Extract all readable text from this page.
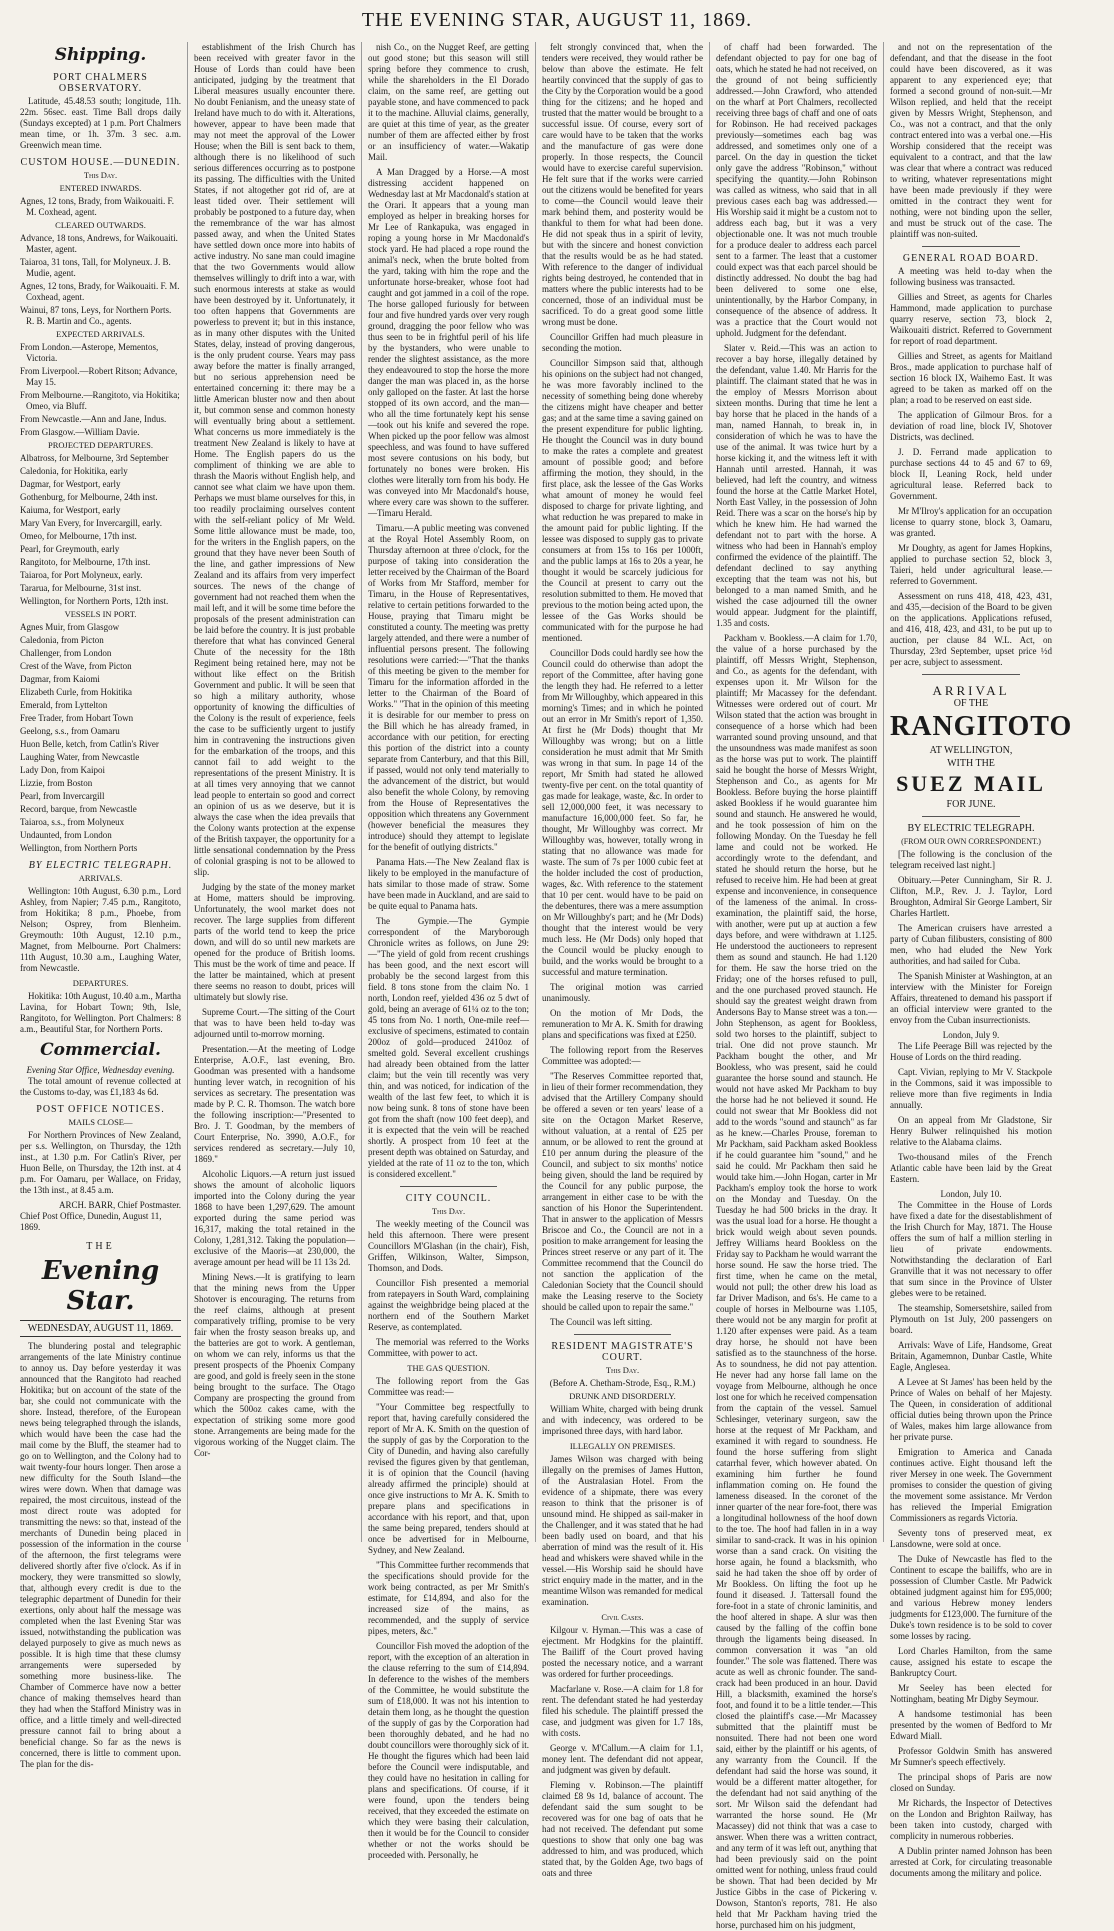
THE EVENING STAR, AUGUST 11, 1869.
Shipping.
PORT CHALMERS OBSERVATORY.

Latitude, 45.48.53 south; longitude, 11h. 22m. 56sec. east. Time Ball drops daily (Sundays excepted) at 1 p.m. Port Chalmers mean time, or 1h. 37m. 3 sec. a.m. Greenwich mean time.

CUSTOM HOUSE.—DUNEDIN.
This Day.
ENTERED INWARDS.
Agnes, 12 tons, Brady, from Waikouaiti. F. M. Coxhead, agent.
CLEARED OUTWARDS.
Advance, 18 tons, Andrews, for Waikouaiti. Master, agent.
Taiaroa, 31 tons, Tall, for Molyneux. J. B. Mudie, agent.
Agnes, 12 tons, Brady, for Waikouaiti. F. M. Coxhead, agent.
Wainui, 87 tons, Leys, for Northern Ports. R. B. Martin and Co., agents.
EXPECTED ARRIVALS.
From London.—Asterope, Mementos, Victoria.
From Liverpool.—Robert Ritson; Advance, May 15.
From Melbourne.—Rangitoto, via Hokitika; Omeo, via Bluff.
From Newcastle.—Ann and Jane, Indus.
From Glasgow.—William Davie.
PROJECTED DEPARTURES.
Albatross, for Melbourne, 3rd September
Caledonia, for Hokitika, early
Dagmar, for Westport, early
Gothenburg, for Melbourne, 24th inst.
Kaiuma, for Westport, early
Mary Van Every, for Invercargill, early.
Omeo, for Melbourne, 17th inst.
Pearl, for Greymouth, early
Rangitoto, for Melbourne, 17th inst.
Taiaroa, for Port Molyneux, early.
Tararua, for Melbourne, 31st inst.
Wellington, for Northern Ports, 12th inst.
VESSELS IN PORT.
Agnes Muir, from Glasgow
Caledonia, from Picton
Challenger, from London
Crest of the Wave, from Picton
Dagmar, from Kaiomi
Elizabeth Curle, from Hokitika
Emerald, from Lyttelton
Free Trader, from Hobart Town
Geelong, s.s., from Oamaru
Huon Belle, ketch, from Catlin's River
Laughing Water, from Newcastle
Lady Don, from Kaipoi
Lizzie, from Boston
Pearl, from Invercargill
Record, barque, from Newcastle
Taiaroa, s.s., from Molyneux
Undaunted, from London
Wellington, from Northern Ports
BY ELECTRIC TELEGRAPH.
ARRIVALS.

Wellington: 10th August, 6.30 p.m., Lord Ashley, from Napier; 7.45 p.m., Rangitoto, from Hokitika; 8 p.m., Phoebe, from Nelson; Osprey, from Blenheim. Greymouth: 10th August, 12.10 p.m., Magnet, from Melbourne. Port Chalmers: 11th August, 10.30 a.m., Laughing Water, from Newcastle.

DEPARTURES.

Hokitika: 10th August, 10.40 a.m., Martha Lavina, for Hobart Town; 9th, Isle, Rangitoto, for Wellington. Port Chalmers: 8 a.m., Beautiful Star, for Northern Ports.

Commercial.
Evening Star Office, Wednesday evening.

The total amount of revenue collected at the Customs to-day, was £1,183 4s 6d.

POST OFFICE NOTICES.
MAILS CLOSE—

For Northern Provinces of New Zealand, per s.s. Wellington, on Thursday, the 12th inst., at 1.30 p.m. For Catlin's River, per Huon Belle, on Thursday, the 12th inst. at 4 p.m. For Oamaru, per Wallace, on Friday, the 13th inst., at 8.45 a.m.

ARCH. BARR, Chief Postmaster.
Chief Post Office, Dunedin, August 11, 1869.
THE
Evening Star.
WEDNESDAY, AUGUST 11, 1869.

The blundering postal and telegraphic arrangements of the late Ministry continue to annoy us. Day before yesterday it was announced that the Rangitoto had reached Hokitika; but on account of the state of the bar, she could not communicate with the shore. Instead, therefore, of the European news being telegraphed through the islands, which would have been the case had the mail come by the Bluff, the steamer had to go on to Wellington, and the Colony had to wait twenty-four hours longer. Then arose a new difficulty for the South Island—the wires were down. When that damage was repaired, the most circuitous, instead of the most direct route was adopted for transmitting the news: so that, instead of the merchants of Dunedin being placed in possession of the information in the course of the afternoon, the first telegrams were delivered shortly after five o'clock. As if in mockery, they were transmitted so slowly, that, although every credit is due to the telegraphic department of Dunedin for their exertions, only about half the message was completed when the last Evening Star was issued, notwithstanding the publication was delayed purposely to give as much news as possible. It is high time that these clumsy arrangements were superseded by something more business-like. The Chamber of Commerce have now a better chance of making themselves heard than they had when the Stafford Ministry was in office, and a little timely and well-directed pressure cannot fail to bring about a beneficial change. So far as the news is concerned, there is little to comment upon. The plan for the dis-

establishment of the Irish Church has been received with greater favor in the House of Lords than could have been anticipated, judging by the treatment that Liberal measures usually encounter there. No doubt Fenianism, and the uneasy state of Ireland have much to do with it. Alterations, however, appear to have been made that may not meet the approval of the Lower House; when the Bill is sent back to them, although there is no likelihood of such serious differences occurring as to postpone its passing. The difficulties with the United States, if not altogether got rid of, are at least tided over. Their settlement will probably be postponed to a future day, when the remembrance of the war has almost passed away, and when the United States have settled down once more into habits of active industry. No sane man could imagine that the two Governments would allow themselves willingly to drift into a war, with such enormous interests at stake as would have been destroyed by it. Unfortunately, it too often happens that Governments are powerless to prevent it; but in this instance, as in many other disputes with the United States, delay, instead of proving dangerous, is the only prudent course. Years may pass away before the matter is finally arranged, but no serious apprehension need be entertained concerning it: there may be a little American bluster now and then about it, but common sense and common honesty will eventually bring about a settlement. What concerns us more immediately is the treatment New Zealand is likely to have at Home. The English papers do us the compliment of thinking we are able to thrash the Maoris without English help, and cannot see what claim we have upon them. Perhaps we must blame ourselves for this, in too readily proclaiming ourselves content with the self-reliant policy of Mr Weld. Some little allowance must be made, too, for the writers in the English papers, on the ground that they have never been South of the line, and gather impressions of New Zealand and its affairs from very imperfect sources. The news of the change of government had not reached them when the mail left, and it will be some time before the proposals of the present administration can be laid before the country. It is just probable therefore that what has convinced General Chute of the necessity for the 18th Regiment being retained here, may not be without like effect on the British Government and public. It will be seen that so high a military authority, whose opportunity of knowing the difficulties of the Colony is the result of experience, feels the case to be sufficiently urgent to justify him in contravening the instructions given for the embarkation of the troops, and this cannot fail to add weight to the representations of the present Ministry. It is at all times very annoying that we cannot lead people to entertain so good and correct an opinion of us as we deserve, but it is always the case when the idea prevails that the Colony wants protection at the expense of the British taxpayer, the opportunity for a little sensational condemnation by the Press of colonial grasping is not to be allowed to slip.

Judging by the state of the money market at Home, matters should be improving. Unfortunately, the wool market does not recover. The large supplies from different parts of the world tend to keep the price down, and will do so until new markets are opened for the produce of British looms. This must be the work of time and peace. If the latter be maintained, which at present there seems no reason to doubt, prices will ultimately but slowly rise.

Supreme Court.—The sitting of the Court that was to have been held to-day was adjourned until to-morrow morning.

Presentation.—At the meeting of Lodge Enterprise, A.O.F., last evening, Bro. Goodman was presented with a handsome hunting lever watch, in recognition of his services as secretary. The presentation was made by P. C. R. Thomson. The watch bore the following inscription:—"Presented to Bro. J. T. Goodman, by the members of Court Enterprise, No. 3990, A.O.F., for services rendered as secretary.—July 10, 1869."

Alcoholic Liquors.—A return just issued shows the amount of alcoholic liquors imported into the Colony during the year 1868 to have been 1,297,629. The amount exported during the same period was 16,317, making the total retained in the Colony, 1,281,312. Taking the population—exclusive of the Maoris—at 230,000, the average amount per head will be 11 13s 2d.

Mining News.—It is gratifying to learn that the mining news from the Upper Shotover is encouraging. The returns from the reef claims, although at present comparatively trifling, promise to be very fair when the frosty season breaks up, and the batteries are got to work. A gentleman, on whom we can rely, informs us that the present prospects of the Phoenix Company are good, and gold is freely seen in the stone being brought to the surface. The Otago Company are prospecting the ground from which the 500oz cakes came, with the expectation of striking some more good stone. Arrangements are being made for the vigorous working of the Nugget claim. The Cor-

nish Co., on the Nugget Reef, are getting out good stone; but this season will still spring before they commence to crush, while the shareholders in the El Dorado claim, on the same reef, are getting out payable stone, and have commenced to pack it to the machine. Alluvial claims, generally, are quiet at this time of year, as the greater number of them are affected either by frost or an insufficiency of water.—Wakatip Mail.

A Man Dragged by a Horse.—A most distressing accident happened on Wednesday last at Mr Macdonald's station at the Orari. It appears that a young man employed as helper in breaking horses for Mr Lee of Rankapuka, was engaged in roping a young horse in Mr Macdonald's stock yard. He had placed a rope round the animal's neck, when the brute bolted from the yard, taking with him the rope and the unfortunate horse-breaker, whose foot had caught and got jammed in a coil of the rope. The horse galloped furiously for between four and five hundred yards over very rough ground, dragging the poor fellow who was thus seen to be in frightful peril of his life by the bystanders, who were unable to render the slightest assistance, as the more they endeavoured to stop the horse the more danger the man was placed in, as the horse only galloped on the faster. At last the horse stopped of its own accord, and the man—who all the time fortunately kept his sense—took out his knife and severed the rope. When picked up the poor fellow was almost speechless, and was found to have suffered most severe contusions on his body, but fortunately no bones were broken. His clothes were literally torn from his body. He was conveyed into Mr Macdonald's house, where every care was shown to the sufferer.—Timaru Herald.

Timaru.—A public meeting was convened at the Royal Hotel Assembly Room, on Thursday afternoon at three o'clock, for the purpose of taking into consideration the letter received by the Chairman of the Board of Works from Mr Stafford, member for Timaru, in the House of Representatives, relative to certain petitions forwarded to the House, praying that Timaru might be constituted a county. The meeting was pretty largely attended, and there were a number of influential persons present. The following resolutions were carried:—"That the thanks of this meeting be given to the member for Timaru for the information afforded in the letter to the Chairman of the Board of Works." "That in the opinion of this meeting it is desirable for our member to press on the Bill which he has already framed, in accordance with our petition, for erecting this portion of the district into a county separate from Canterbury, and that this Bill, if passed, would not only tend materially to the advancement of the district, but would also benefit the whole Colony, by removing from the House of Representatives the opposition which threatens any Government (however beneficial the measures they introduce) should they attempt to legislate for the benefit of outlying districts."

Panama Hats.—The New Zealand flax is likely to be employed in the manufacture of hats similar to those made of straw. Some have been made in Auckland, and are said to be quite equal to Panama hats.

The Gympie.—The Gympie correspondent of the Maryborough Chronicle writes as follows, on June 29:—"The yield of gold from recent crushings has been good, and the next escort will probably be the second largest from this field. 8 tons stone from the claim No. 1 north, London reef, yielded 436 oz 5 dwt of gold, being an average of 61¼ oz to the ton; 45 tons from No. 1 north, One-mile reef—exclusive of specimens, estimated to contain 200oz of gold—produced 2410oz of smelted gold. Several excellent crushings had already been obtained from the latter claim; but the vein till recently was very thin, and was noticed, for indication of the wealth of the last few feet, to which it is now being sunk. 8 tons of stone have been got from the shaft (now 100 feet deep), and it is expected that the vein will be reached shortly. A prospect from 10 feet at the present depth was obtained on Saturday, and yielded at the rate of 11 oz to the ton, which is considered excellent."

CITY COUNCIL.
This Day.

The weekly meeting of the Council was held this afternoon. There were present Councillors M'Glashan (in the chair), Fish, Griffen, Wilkinson, Walter, Simpson, Thomson, and Dods.

Councillor Fish presented a memorial from ratepayers in South Ward, complaining against the weighbridge being placed at the northern end of the Southern Market Reserve, as contemplated.

The memorial was referred to the Works Committee, with power to act.

THE GAS QUESTION.

The following report from the Gas Committee was read:—

"Your Committee beg respectfully to report that, having carefully considered the report of Mr A. K. Smith on the question of the supply of gas by the Corporation to the City of Dunedin, and having also carefully revised the figures given by that gentleman, it is of opinion that the Council (having already affirmed the principle) should at once give instructions to Mr A. K. Smith to prepare plans and specifications in accordance with his report, and that, upon the same being prepared, tenders should at once be advertised for in Melbourne, Sydney, and New Zealand.

"This Committee further recommends that the specifications should provide for the work being contracted, as per Mr Smith's estimate, for £14,894, and also for the increased size of the mains, as recommended, and the supply of service pipes, meters, &c."

Councillor Fish moved the adoption of the report, with the exception of an alteration in the clause referring to the sum of £14,894. In deference to the wishes of the members of the Committee, he would substitute the sum of £18,000. It was not his intention to detain them long, as he thought the question of the supply of gas by the Corporation had been thoroughly debated, and he had no doubt councillors were thoroughly sick of it. He thought the figures which had been laid before the Council were indisputable, and they could have no hesitation in calling for plans and specifications. Of course, if it were found, upon the tenders being received, that they exceeded the estimate on which they were basing their calculation, then it would be for the Council to consider whether or not the works should be proceeded with. Personally, he

felt strongly convinced that, when the tenders were received, they would rather be below than above the estimate. He felt heartily convinced that the supply of gas to the City by the Corporation would be a good thing for the citizens; and he hoped and trusted that the matter would be brought to a successful issue. Of course, every sort of care would have to be taken that the works and the manufacture of gas were done properly. In those respects, the Council would have to exercise careful supervision. He felt sure that if the works were carried out the citizens would be benefited for years to come—the Council would leave their mark behind them, and posterity would be thankful to them for what had been done. He did not speak thus in a spirit of levity, but with the sincere and honest conviction that the results would be as he had stated. With reference to the danger of individual rights being destroyed, he contended that in matters where the public interests had to be concerned, those of an individual must be sacrificed. To do a great good some little wrong must be done.

Councillor Griffen had much pleasure in seconding the motion.

Councillor Simpson said that, although his opinions on the subject had not changed, he was more favorably inclined to the necessity of something being done whereby the citizens might have cheaper and better gas; and at the same time a saving gained on the present expenditure for public lighting. He thought the Council was in duty bound to make the rates a complete and greatest amount of possible good; and before affirming the motion, they should, in the first place, ask the lessee of the Gas Works what amount of money he would feel disposed to charge for private lighting, and what reduction he was prepared to make in the amount paid for public lighting. If the lessee was disposed to supply gas to private consumers at from 15s to 16s per 1000ft, and the public lamps at 16s to 20s a year, he thought it would be scarcely judicious for the Council at present to carry out the resolution submitted to them. He moved that previous to the motion being acted upon, the lessee of the Gas Works should be communicated with for the purpose he had mentioned.

Councillor Dods could hardly see how the Council could do otherwise than adopt the report of the Committee, after having gone the length they had. He referred to a letter from Mr Willoughby, which appeared in this morning's Times; and in which he pointed out an error in Mr Smith's report of 1,350. At first he (Mr Dods) thought that Mr Willoughby was wrong; but on a little consideration he must admit that Mr Smith was wrong in that sum. In page 14 of the report, Mr Smith had stated he allowed twenty-five per cent. on the total quantity of gas made for leakage, waste, &c. In order to sell 12,000,000 feet, it was necessary to manufacture 16,000,000 feet. So far, he thought, Mr Willoughby was correct. Mr Willoughby was, however, totally wrong in stating that no allowance was made for waste. The sum of 7s per 1000 cubic feet at the holder included the cost of production, wages, &c. With reference to the statement that 10 per cent. would have to be paid on the debentures, there was a mere assumption on Mr Willoughby's part; and he (Mr Dods) thought that the interest would be very much less. He (Mr Dods) only hoped that the Council would be plucky enough to build, and the works would be brought to a successful and mature termination.

The original motion was carried unanimously.

On the motion of Mr Dods, the remuneration to Mr A. K. Smith for drawing plans and specifications was fixed at £250.

The following report from the Reserves Committee was adopted:—

"The Reserves Committee reported that, in lieu of their former recommendation, they advised that the Artillery Company should be offered a seven or ten years' lease of a site on the Octagon Market Reserve, without valuation, at a rental of £25 per annum, or be allowed to rent the ground at £10 per annum during the pleasure of the Council, and subject to six months' notice being given, should the land be required by the Council for any public purpose, the arrangement in either case to be with the sanction of his Honor the Superintendent. That in answer to the application of Messrs Briscoe and Co., the Council are not in a position to make arrangement for leasing the Princes street reserve or any part of it. The Committee recommend that the Council do not sanction the application of the Caledonian Society that the Council should make the Leasing reserve to the Society should be called upon to repair the same."

The Council was left sitting.

RESIDENT MAGISTRATE'S COURT.
This Day.
(Before A. Chetham-Strode, Esq., R.M.)
DRUNK AND DISORDERLY.

William White, charged with being drunk and with indecency, was ordered to be imprisoned three days, with hard labor.

ILLEGALLY ON PREMISES.

James Wilson was charged with being illegally on the premises of James Hutton, of the Australasian Hotel. From the evidence of a shipmate, there was every reason to think that the prisoner is of unsound mind. He shipped as sail-maker in the Challenger, and it was stated that he had been badly used on board, and that his aberration of mind was the result of it. His head and whiskers were shaved while in the vessel.—His Worship said he should have strict enquiry made in the matter, and in the meantime Wilson was remanded for medical examination.

Civil Cases.

Kilgour v. Hyman.—This was a case of ejectment. Mr Hodgkins for the plaintiff. The Bailiff of the Court proved having posted the necessary notice, and a warrant was ordered for further proceedings.

Macfarlane v. Rose.—A claim for 1.8 for rent. The defendant stated he had yesterday filed his schedule. The plaintiff pressed the case, and judgment was given for 1.7 18s, with costs.

George v. M'Callum.—A claim for 1.1, money lent. The defendant did not appear, and judgment was given by default.

Fleming v. Robinson.—The plaintiff claimed £8 9s 1d, balance of account. The defendant said the sum sought to be recovered was for one bag of oats that he had not received. The defendant put some questions to show that only one bag was addressed to him, and was produced, which stated that, by the Golden Age, two bags of oats and three

of chaff had been forwarded. The defendant objected to pay for one bag of oats, which he stated he had not received, on the ground of not being sufficiently addressed.—John Crawford, who attended on the wharf at Port Chalmers, recollected receiving three bags of chaff and one of oats for Robinson. He had received packages previously—sometimes each bag was addressed, and sometimes only one of a parcel. On the day in question the ticket only gave the address "Robinson," without specifying the quantity.—John Robinson was called as witness, who said that in all previous cases each bag was addressed.—His Worship said it might be a custom not to address each bag, but it was a very objectionable one. It was not much trouble for a produce dealer to address each parcel sent to a farmer. The least that a customer could expect was that each parcel should be distinctly addressed. No doubt the bag had been delivered to some one else, unintentionally, by the Harbor Company, in consequence of the absence of address. It was a practice that the Court would not uphold. Judgment for the defendant.

Slater v. Reid.—This was an action to recover a bay horse, illegally detained by the defendant, value 1.40. Mr Harris for the plaintiff. The claimant stated that he was in the employ of Messrs Morrison about sixteen months. During that time he lent a bay horse that he placed in the hands of a man, named Hannah, to break in, in consideration of which he was to have the use of the animal. It was twice hurt by a horse kicking it, and the witness left it with Hannah until arrested. Hannah, it was believed, had left the country, and witness found the horse at the Cattle Market Hotel, North East Valley, in the possession of John Reid. There was a scar on the horse's hip by which he knew him. He had warned the defendant not to part with the horse. A witness who had been in Hannah's employ confirmed the evidence of the plaintiff. The defendant declined to say anything excepting that the team was not his, but belonged to a man named Smith, and he wished the case adjourned till the owner would appear. Judgment for the plaintiff, 1.35 and costs.

Packham v. Bookless.—A claim for 1.70, the value of a horse purchased by the plaintiff, off Messrs Wright, Stephenson, and Co., as agents for the defendant, with expenses upon it. Mr Wilson for the plaintiff; Mr Macassey for the defendant. Witnesses were ordered out of court. Mr Wilson stated that the action was brought in consequence of a horse which had been warranted sound proving unsound, and that the unsoundness was made manifest as soon as the horse was put to work. The plaintiff said he bought the horse of Messrs Wright, Stephenson and Co., as agents for Mr Bookless. Before buying the horse plaintiff asked Bookless if he would guarantee him sound and staunch. He answered he would, and he took possession of him on the following Monday. On the Tuesday he fell lame and could not be worked. He accordingly wrote to the defendant, and stated he should return the horse, but he refused to receive him. He had been at great expense and inconvenience, in consequence of the lameness of the animal. In cross-examination, the plaintiff said, the horse, with another, were put up at auction a few days before, and were withdrawn at 1.125. He understood the auctioneers to represent them as sound and staunch. He had 1.120 for them. He saw the horse tried on the Friday; one of the horses refused to pull, and the one purchased proved staunch. He should say the greatest weight drawn from Andersons Bay to Manse street was a ton.—John Stephenson, as agent for Bookless, sold two horses to the plaintiff, subject to trial. One did not prove staunch. Mr Packham bought the other, and Mr Bookless, who was present, said he could guarantee the horse sound and staunch. He would not have asked Mr Packham to buy the horse had he not believed it sound. He could not swear that Mr Bookless did not add to the words "sound and staunch" as far as he knew.—Charles Prouse, foreman to Mr Packham, said Packham asked Bookless if he could guarantee him "sound," and he said he could. Mr Packham then said he would take him.—John Hogan, carter in Mr Packham's employ took the horse to work on the Monday and Tuesday. On the Tuesday he had 500 bricks in the dray. It was the usual load for a horse. He thought a brick would weigh about seven pounds. Jeffrey Williams heard Bookless on the Friday say to Packham he would warrant the horse sound. He saw the horse tried. The first time, when he came on the metal, would not pull; the other drew his load as far Driver Madison, and 6s's. He came to a couple of horses in Melbourne was 1.105, there would not be any margin for profit at 1.120 after expenses were paid. As a team dray horse, he should not have been satisfied as to the staunchness of the horse. As to soundness, he did not pay attention. He never had any horse fall lame on the voyage from Melbourne, although he once lost one for which he received compensation from the captain of the vessel. Samuel Schlesinger, veterinary surgeon, saw the horse at the request of Mr Packham, and examined it with regard to soundness. He found the horse suffering from slight catarrhal fever, which however abated. On examining him further he found inflammation coming on. He found the lameness diseased. In the coronet of the inner quarter of the near fore-foot, there was a longitudinal hollowness of the hoof down to the toe. The hoof had fallen in in a way similar to sand-crack. It was in his opinion worse than a sand crack. On visiting the horse again, he found a blacksmith, who said he had taken the shoe off by order of Mr Bookless. On lifting the foot up he found it diseased. J. Tattersall found the fore-foot in a state of chronic laminitis, and the hoof altered in shape. A slur was then caused by the falling of the coffin bone through the ligaments being diseased. In common conversation it was "an old founder." The sole was flattened. There was acute as well as chronic founder. The sand-crack had been produced in an hour. David Hill, a blacksmith, examined the horse's foot, and found it to be a little tender.—This closed the plaintiff's case.—Mr Macassey submitted that the plaintiff must be nonsuited. There had not been one word said, either by the plaintiff or his agents, of any warranty from the Council. If the defendant had said the horse was sound, it would be a different matter altogether, for the defendant had not said anything of the sort. Mr Wilson said the defendant had warranted the horse sound. He (Mr Macassey) did not think that was a case to answer. When there was a written contract, and any term of it was left out, anything that had been previously said on the point omitted went for nothing, unless fraud could be shown. That had been decided by Mr Justice Gibbs in the case of Pickering v. Dowson, Stanton's reports, 781. He also held that Mr Packham having tried the horse, purchased him on his judgment,

and not on the representation of the defendant, and that the disease in the foot could have been discovered, as it was apparent to any experienced eye; that formed a second ground of non-suit.—Mr Wilson replied, and held that the receipt given by Messrs Wright, Stephenson, and Co., was not a contract, and that the only contract entered into was a verbal one.—His Worship considered that the receipt was equivalent to a contract, and that the law was clear that where a contract was reduced to writing, whatever representations might have been made previously if they were omitted in the contract they went for nothing, were not binding upon the seller, and must be struck out of the case. The plaintiff was non-suited.

GENERAL ROAD BOARD.

A meeting was held to-day when the following business was transacted.

Gillies and Street, as agents for Charles Hammond, made application to purchase quarry reserve, section 73, block 2, Waikouaiti district. Referred to Government for report of road department.

Gillies and Street, as agents for Maitland Bros., made application to purchase half of section 16 block IX, Waihemo East. It was agreed to be taken as marked off on the plan; a road to be reserved on east side.

The application of Gilmour Bros. for a deviation of road line, block IV, Shotover Districts, was declined.

J. D. Ferrand made application to purchase sections 44 to 45 and 67 to 69, block II, Leaning Rock, held under agricultural lease. Referred back to Government.

Mr M'Ilroy's application for an occupation license to quarry stone, block 3, Oamaru, was granted.

Mr Doughty, as agent for James Hopkins, applied to purchase section 52, block 3, Taieri, held under agricultural lease.—referred to Government.

Assessment on runs 418, 418, 423, 431, and 435,—decision of the Board to be given on the applications. Applications refused, and 416, 418, 423, and 431, to be put up to auction, per clause 84 W.L. Act, on Thursday, 23rd September, upset price ½d per acre, subject to assessment.

ARRIVAL
OF THE
RANGITOTO
AT WELLINGTON,
WITH THE
SUEZ MAIL
FOR JUNE.
BY ELECTRIC TELEGRAPH.
(FROM OUR OWN CORRESPONDENT.)

[The following is the conclusion of the telegram received last night.]

Obituary.—Peter Cunningham, Sir R. J. Clifton, M.P., Rev. J. J. Taylor, Lord Broughton, Admiral Sir George Lambert, Sir Charles Hartlett.

The American cruisers have arrested a party of Cuban filibusters, consisting of 800 men, who had eluded the New York authorities, and had sailed for Cuba.

The Spanish Minister at Washington, at an interview with the Minister for Foreign Affairs, threatened to demand his passport if an official interview were granted to the envoy from the Cuban insurrectionists.

London, July 9.

The Life Peerage Bill was rejected by the House of Lords on the third reading.

Capt. Vivian, replying to Mr V. Stackpole in the Commons, said it was impossible to relieve more than five regiments in India annually.

On an appeal from Mr Gladstone, Sir Henry Bulwer relinquished his motion relative to the Alabama claims.

Two-thousand miles of the French Atlantic cable have been laid by the Great Eastern.

London, July 10.

The Committee in the House of Lords have fixed a date for the disestablishment of the Irish Church for May, 1871. The House offers the sum of half a million sterling in lieu of private endowments. Notwithstanding the declaration of Earl Granville that it was not necessary to offer that sum since in the Province of Ulster glebes were to be retained.

The steamship, Somersetshire, sailed from Plymouth on 1st July, 200 passengers on board.

Arrivals: Wave of Life, Handsome, Great Britain, Agamemnon, Dunbar Castle, White Eagle, Anglesea.

A Levee at St James' has been held by the Prince of Wales on behalf of her Majesty. The Queen, in consideration of additional official duties being thrown upon the Prince of Wales, makes him large allowance from her private purse.

Emigration to America and Canada continues active. Eight thousand left the river Mersey in one week. The Government promises to consider the question of giving the movement some assistance. Mr Verdon has relieved the Imperial Emigration Commissioners as regards Victoria.

Seventy tons of preserved meat, ex Lansdowne, were sold at once.

The Duke of Newcastle has fled to the Continent to escape the bailiffs, who are in possession of Clumber Castle. Mr Padwick obtained judgment against him for £95,000; and various Hebrew money lenders judgments for £123,000. The furniture of the Duke's town residence is to be sold to cover some losses by racing.

Lord Charles Hamilton, from the same cause, assigned his estate to escape the Bankruptcy Court.

Mr Seeley has been elected for Nottingham, beating Mr Digby Seymour.

A handsome testimonial has been presented by the women of Bedford to Mr Edward Miall.

Professor Goldwin Smith has answered Mr Sumner's speech effectively.

The principal shops of Paris are now closed on Sunday.

Mr Richards, the Inspector of Detectives on the London and Brighton Railway, has been taken into custody, charged with complicity in numerous robberies.

A Dublin printer named Johnson has been arrested at Cork, for circulating treasonable documents among the military and police.
